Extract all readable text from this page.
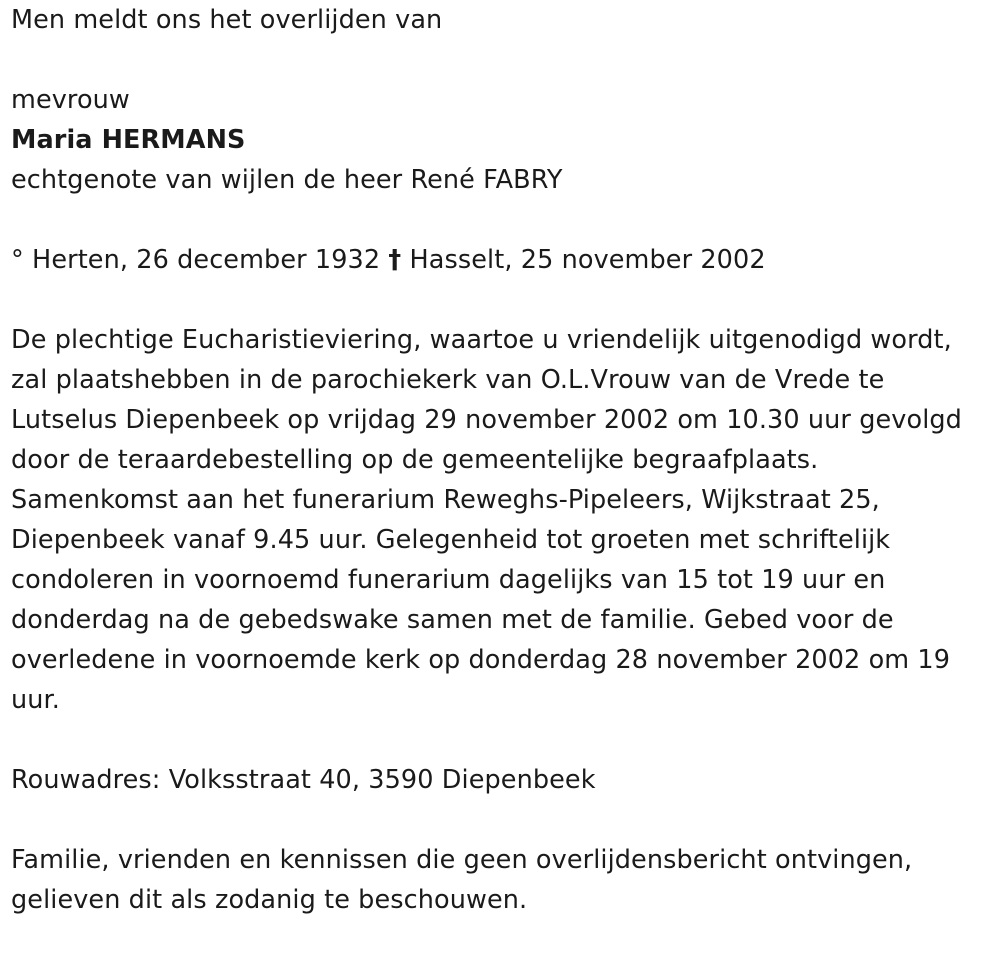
Men meldt ons het overlijden van
mevrouw
Maria HERMANS
echtgenote van wijlen de heer René FABRY
° Herten, 26 december 1932 † Hasselt, 25 november 2002
De plechtige Eucharistieviering, waartoe u vriendelijk uitgenodigd wordt,
zal plaatshebben in de parochiekerk van O.L.Vrouw van de Vrede te
Lutselus Diepenbeek op vrijdag 29 november 2002 om 10.30 uur gevolgd
door de teraardebestelling op de gemeentelijke begraafplaats.
Samenkomst aan het funerarium Reweghs-Pipeleers, Wijkstraat 25,
Diepenbeek vanaf 9.45 uur. Gelegenheid tot groeten met schriftelijk
condoleren in voornoemd funerarium dagelijks van 15 tot 19 uur en
donderdag na de gebedswake samen met de familie. Gebed voor de
overledene in voornoemde kerk op donderdag 28 november 2002 om 19
uur.
Rouwadres: Volksstraat 40, 3590 Diepenbeek
Familie, vrienden en kennissen die geen overlijdensbericht ontvingen,
gelieven dit als zodanig te beschouwen.
